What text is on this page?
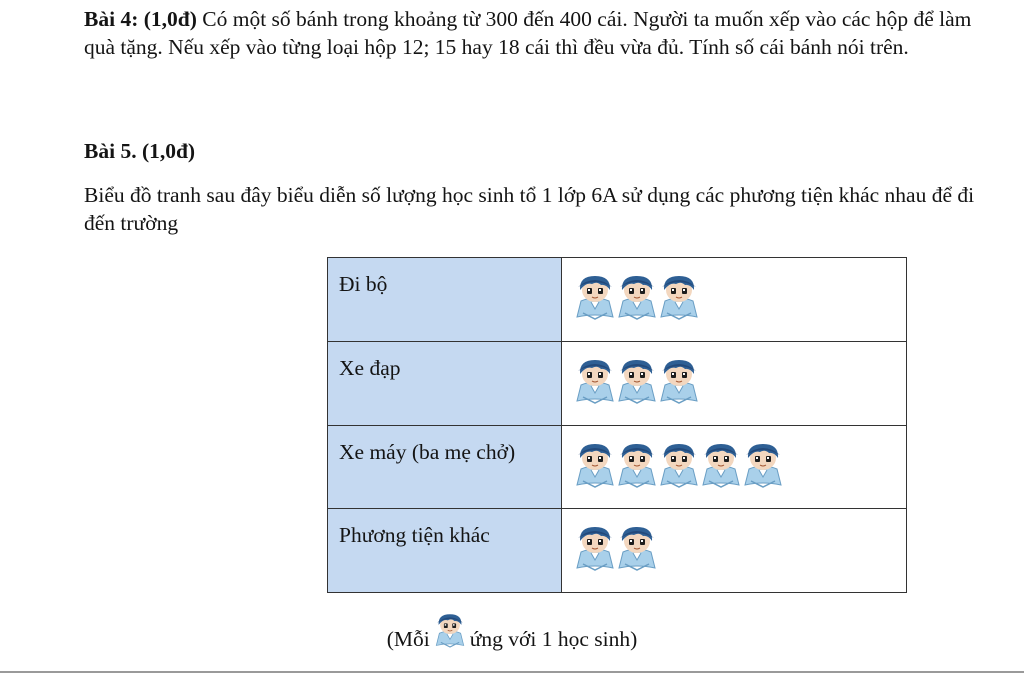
Bài 4: (1,0đ) Có một số bánh trong khoảng từ 300 đến 400 cái. Người ta muốn xếp vào các hộp để làm quà tặng. Nếu xếp vào từng loại hộp 12; 15 hay 18 cái thì đều vừa đủ. Tính số cái bánh nói trên.

Bài 5. (1,0đ)

Biểu đồ tranh sau đây biểu diễn số lượng học sinh tổ 1 lớp 6A sử dụng các phương tiện khác nhau để đi đến trường

Đi bộ	
Xe đạp	
Xe máy (ba mẹ chở)	
Phương tiện khác	
(Mỗi ứng với 1 học sinh)
